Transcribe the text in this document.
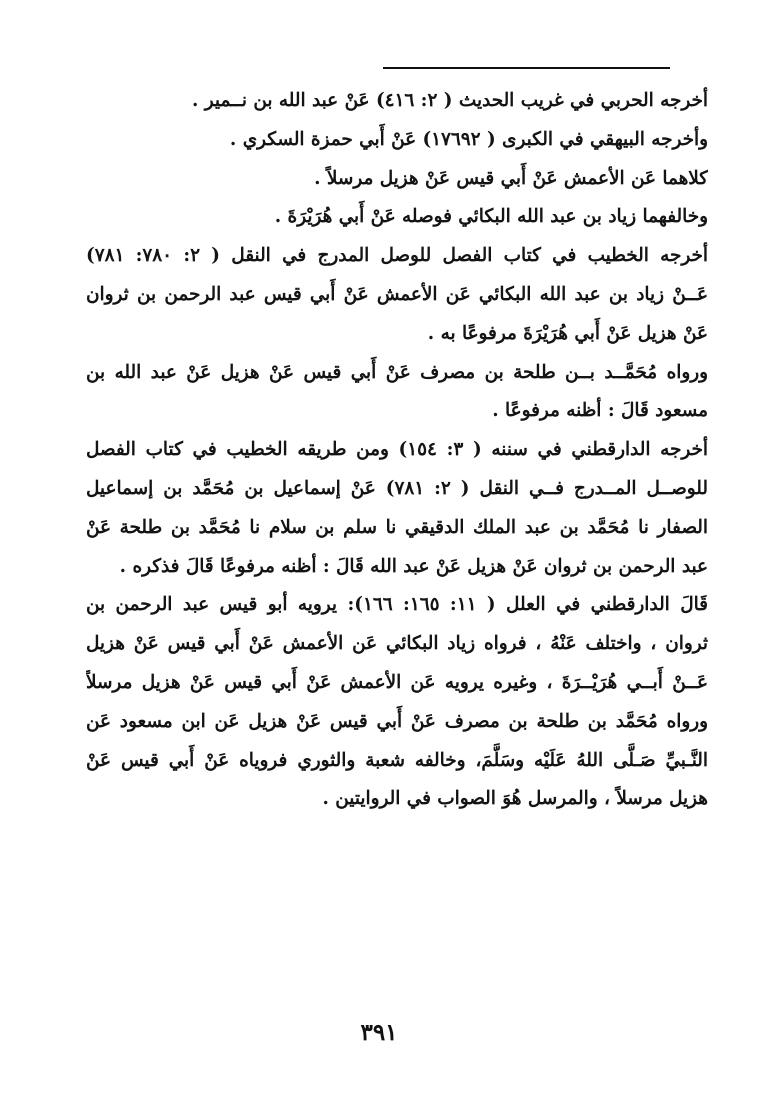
أخرجه الحربي في غريب الحديث ( ٢: ٤١٦) عَنْ عبد الله بن نــمير .
وأخرجه البيهقي في الكبرى ( ١٧٦٩٢) عَنْ أَبي حمزة السكري .
كلاهما عَن الأعمش عَنْ أَبي قيس عَنْ هزيل مرسلاً .
وخالفهما زياد بن عبد الله البكائي فوصله عَنْ أَبي هُرَيْرَةَ .
أخرجه الخطيب في كتاب الفصل للوصل المدرج في النقل ( ٢: ٧٨٠: ٧٨١)
عَــنْ زياد بن عبد الله البكائي عَن الأعمش عَنْ أَبي قيس عبد الرحمن بن ثروان
عَنْ هزيل عَنْ أَبي هُرَيْرَةَ مرفوعًا به .
ورواه مُحَمَّــد بــن طلحة بن مصرف عَنْ أَبي قيس عَنْ هزيل عَنْ عبد الله بن
مسعود قَالَ : أظنه مرفوعًا .
أخرجه الدارقطني في سننه ( ٣: ١٥٤) ومن طريقه الخطيب في كتاب الفصل
للوصــل المــدرج فــي النقل ( ٢: ٧٨١) عَنْ إسماعيل بن مُحَمَّد بن إسماعيل
الصفار نا مُحَمَّد بن عبد الملك الدقيقي نا سلم بن سلام نا مُحَمَّد بن طلحة عَنْ
عبد الرحمن بن ثروان عَنْ هزيل عَنْ عبد الله قَالَ : أظنه مرفوعًا قَالَ فذكره .
قَالَ الدارقطني في العلل ( ١١: ١٦٥: ١٦٦): يرويه أبو قيس عبد الرحمن بن
ثروان ، واختلف عَنْهُ ، فرواه زياد البكائي عَن الأعمش عَنْ أَبي قيس عَنْ هزيل
عَــنْ أَبــي هُرَيْــرَةَ ، وغيره يرويه عَن الأعمش عَنْ أَبي قيس عَنْ هزيل مرسلاً
ورواه مُحَمَّد بن طلحة بن مصرف عَنْ أَبي قيس عَنْ هزيل عَن ابن مسعود عَن
النَّـبيِّ صَـلَّى اللهُ عَلَيْه وسَلَّمَ، وخالفه شعبة والثوري فروياه عَنْ أَبي قيس عَنْ
هزيل مرسلاً ، والمرسل هُوَ الصواب في الروايتين .
٣٩١
